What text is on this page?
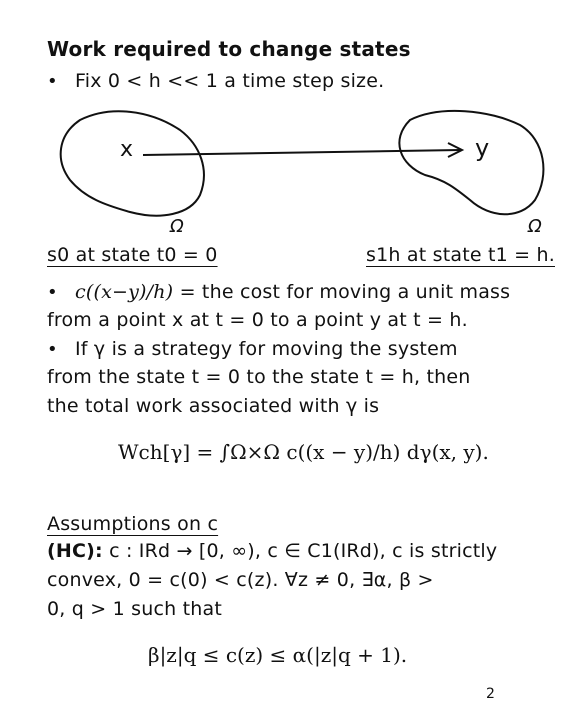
Work required to change states
• Fix 0 < h << 1 a time step size.
x	y
Ω	Ω
s0 at state t0 = 0	s1h at state t1 = h.
• c((x−y)/h) = the cost for moving a unit mass
from a point x at t = 0 to a point y at t = h.
• If γ is a strategy for moving the system
from the state t = 0 to the state t = h, then
the total work associated with γ is
Wch[γ] = ∫Ω×Ω c((x − y)/h) dγ(x, y).
Assumptions on c
(HC): c : IRd → [0, ∞), c ∈ C1(IRd), c is strictly
convex, 0 = c(0) < c(z). ∀z ≠ 0, ∃α, β >
0, q > 1 such that
β|z|q ≤ c(z) ≤ α(|z|q + 1).
2
